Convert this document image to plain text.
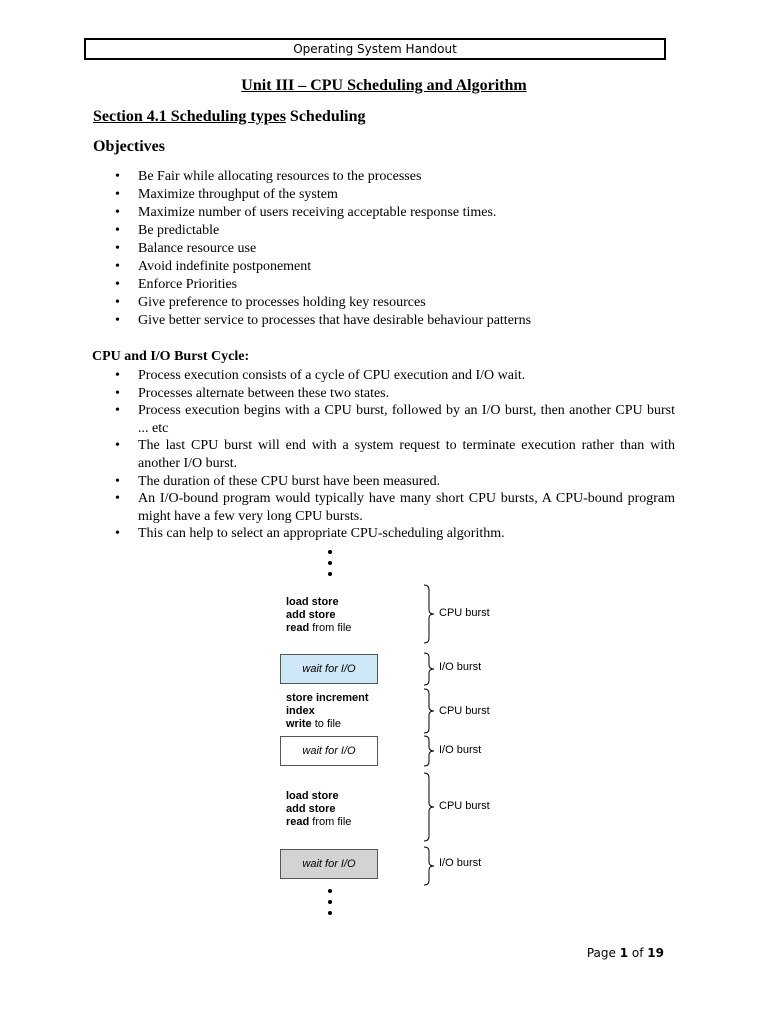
Operating System Handout
Unit III – CPU Scheduling and Algorithm
Section 4.1 Scheduling types Scheduling
Objectives
• Be Fair while allocating resources to the processes
• Maximize throughput of the system
• Maximize number of users receiving acceptable response times.
• Be predictable
• Balance resource use
• Avoid indefinite postponement
• Enforce Priorities
• Give preference to processes holding key resources
• Give better service to processes that have desirable behaviour patterns
CPU and I/O Burst Cycle:
• Process execution consists of a cycle of CPU execution and I/O wait.
• Processes alternate between these two states.
• Process execution begins with a CPU burst, followed by an I/O burst, then another CPU burst ... etc
• The last CPU burst will end with a system request to terminate execution rather than with another I/O burst.
• The duration of these CPU burst have been measured.
• An I/O-bound program would typically have many short CPU bursts, A CPU-bound program might have a few very long CPU bursts.
• This can help to select an appropriate CPU-scheduling algorithm.
load store
add store
read from file
wait for I/O
store increment
index
write to file
wait for I/O
load store
add store
read from file
wait for I/O
CPU burst
I/O burst
CPU burst
I/O burst
CPU burst
I/O burst
Page 1 of 19
